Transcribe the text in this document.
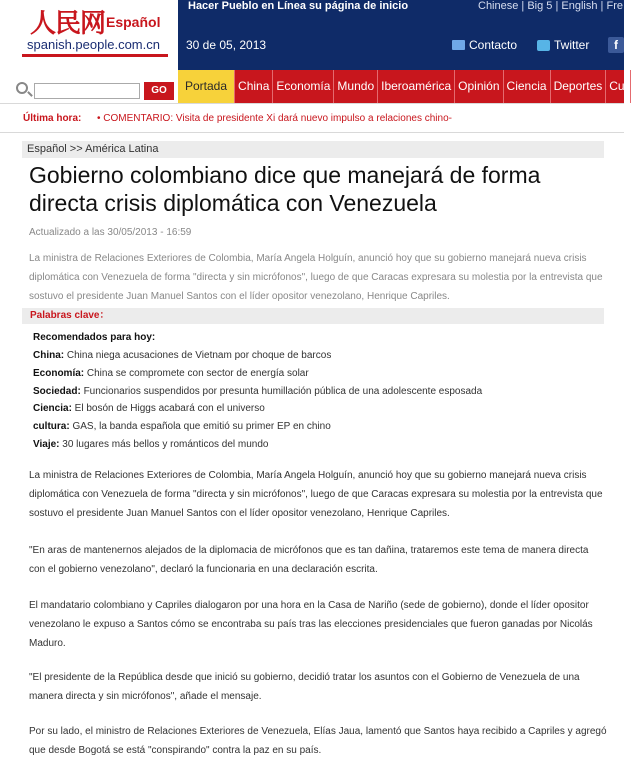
人民网 Español
spanish.people.com.cn
Hacer Pueblo en Línea su página de inicio	Chinese | Big 5 | English | Fre
30 de 05, 2013	Contacto	Twitter	f
GO	Portada China Economía Mundo Iberoamérica Opinión Ciencia Deportes Cul
Última hora: • COMENTARIO: Visita de presidente Xi dará nuevo impulso a relaciones chino-
Español >> América Latina
Gobierno colombiano dice que manejará de forma directa crisis diplomática con Venezuela
Actualizado a las 30/05/2013 - 16:59

La ministra de Relaciones Exteriores de Colombia, María Angela Holguín, anunció hoy que su gobierno manejará nueva crisis diplomática con Venezuela de forma "directa y sin micrófonos", luego de que Caracas expresara su molestia por la entrevista que sostuvo el presidente Juan Manuel Santos con el líder opositor venezolano, Henrique Capriles.

Palabras clave：
Recomendados para hoy:
China: China niega acusaciones de Vietnam por choque de barcos
Economía: China se compromete con sector de energía solar
Sociedad: Funcionarios suspendidos por presunta humillación pública de una adolescente esposada
Ciencia: El bosón de Higgs acabará con el universo
cultura: GAS, la banda española que emitió su primer EP en chino
Viaje: 30 lugares más bellos y románticos del mundo

La ministra de Relaciones Exteriores de Colombia, María Angela Holguín, anunció hoy que su gobierno manejará nueva crisis diplomática con Venezuela de forma "directa y sin micrófonos", luego de que Caracas expresara su molestia por la entrevista que sostuvo el presidente Juan Manuel Santos con el líder opositor venezolano, Henrique Capriles.

"En aras de mantenernos alejados de la diplomacia de micrófonos que es tan dañina, trataremos este tema de manera directa con el gobierno venezolano", declaró la funcionaria en una declaración escrita.

El mandatario colombiano y Capriles dialogaron por una hora en la Casa de Nariño (sede de gobierno), donde el líder opositor venezolano le expuso a Santos cómo se encontraba su país tras las elecciones presidenciales que fueron ganadas por Nicolás Maduro.

"El presidente de la República desde que inició su gobierno, decidió tratar los asuntos con el Gobierno de Venezuela de una manera directa y sin micrófonos", añade el mensaje.

Por su lado, el ministro de Relaciones Exteriores de Venezuela, Elías Jaua, lamentó que Santos haya recibido a Capriles y agregó que desde Bogotá se está "conspirando" contra la paz en su país.
